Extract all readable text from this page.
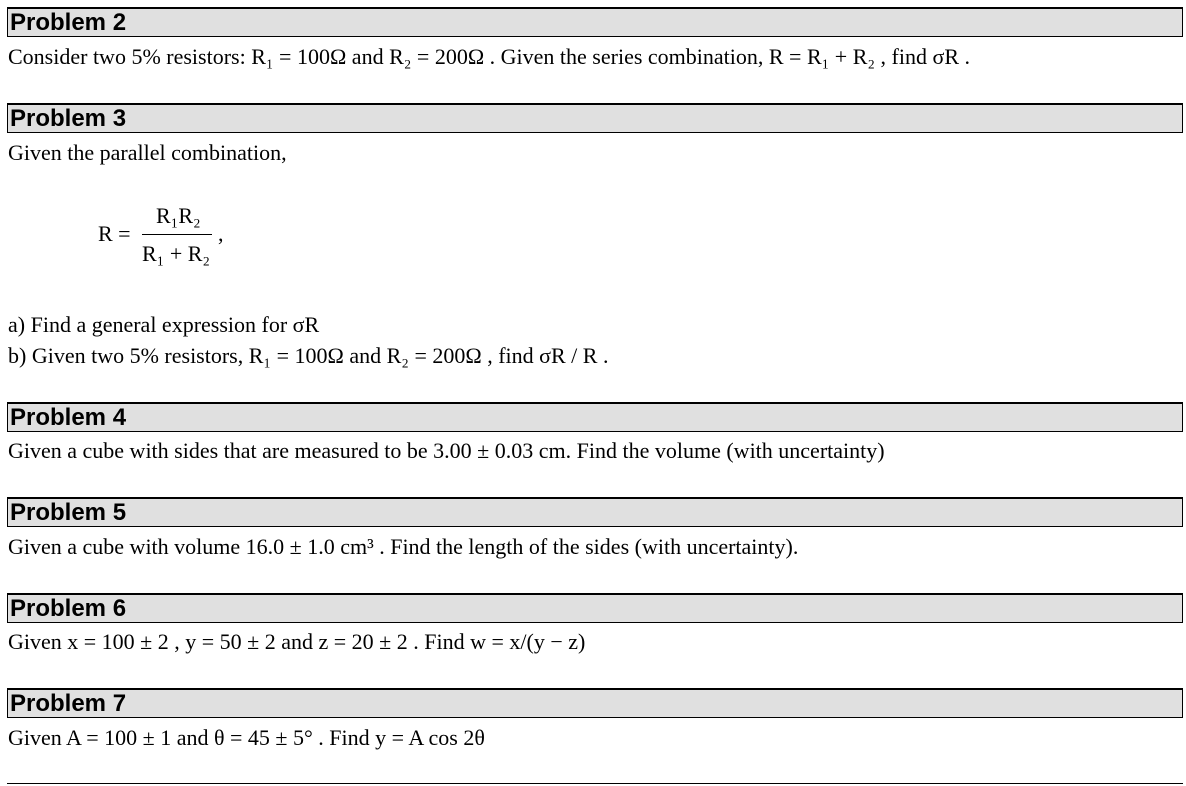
Problem 2
Consider two 5% resistors: R₁ = 100Ω and R₂ = 200Ω . Given the series combination, R = R₁ + R₂ , find σR .
Problem 3
Given the parallel combination,
R =
R₁R₂
R₁ + R₂
,
a) Find a general expression for σR
b) Given two 5% resistors, R₁ = 100Ω and R₂ = 200Ω , find σR / R .
Problem 4
Given a cube with sides that are measured to be 3.00 ± 0.03 cm. Find the volume (with uncertainty)
Problem 5
Given a cube with volume 16.0 ± 1.0 cm³ . Find the length of the sides (with uncertainty).
Problem 6
Given x = 100 ± 2 , y = 50 ± 2 and z = 20 ± 2 . Find w = x/(y − z)
Problem 7
Given A = 100 ± 1 and θ = 45 ± 5° . Find y = A cos 2θ
